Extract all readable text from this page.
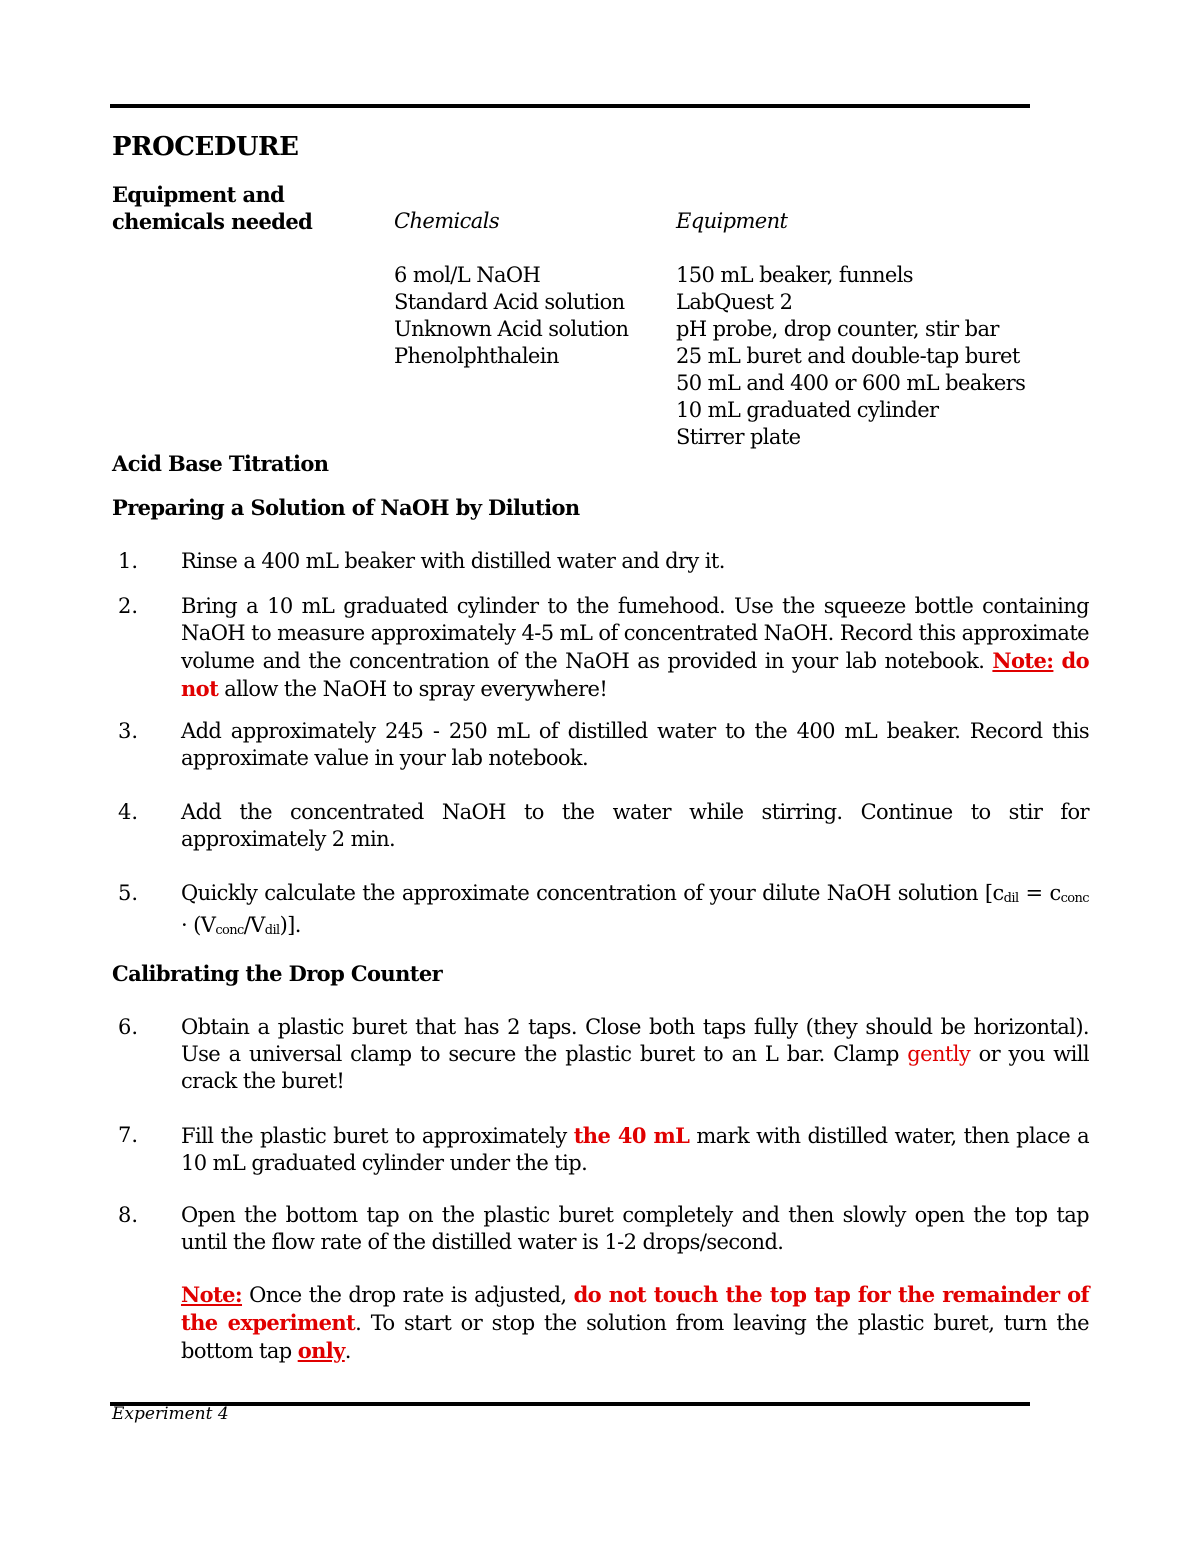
PROCEDURE
Equipment and
chemicals needed	Chemicals	Equipment
6 mol/L NaOH
Standard Acid solution
Unknown Acid solution
Phenolphthalein
150 mL beaker, funnels
LabQuest 2
pH probe, drop counter, stir bar
25 mL buret and double-tap buret
50 mL and 400 or 600 mL beakers
10 mL graduated cylinder
Stirrer plate
Acid Base Titration
Preparing a Solution of NaOH by Dilution
1. Rinse a 400 mL beaker with distilled water and dry it.
2. Bring a 10 mL graduated cylinder to the fumehood. Use the squeeze bottle containing NaOH to measure approximately 4-5 mL of concentrated NaOH. Record this approximate volume and the concentration of the NaOH as provided in your lab notebook. Note: do not allow the NaOH to spray everywhere!
3. Add approximately 245 - 250 mL of distilled water to the 400 mL beaker. Record this approximate value in your lab notebook.
4. Add the concentrated NaOH to the water while stirring. Continue to stir for approximately 2 min.
5. Quickly calculate the approximate concentration of your dilute NaOH solution $[c_{dil} = c_{conc} \cdot (V_{conc}/V_{dil})]$.
Calibrating the Drop Counter
6. Obtain a plastic buret that has 2 taps. Close both taps fully (they should be horizontal). Use a universal clamp to secure the plastic buret to an L bar. Clamp gently or you will crack the buret!
7. Fill the plastic buret to approximately the 40 mL mark with distilled water, then place a 10 mL graduated cylinder under the tip.
8. Open the bottom tap on the plastic buret completely and then slowly open the top tap until the flow rate of the distilled water is 1-2 drops/second.
Note: Once the drop rate is adjusted, do not touch the top tap for the remainder of the experiment. To start or stop the solution from leaving the plastic buret, turn the bottom tap only.
Experiment 4
